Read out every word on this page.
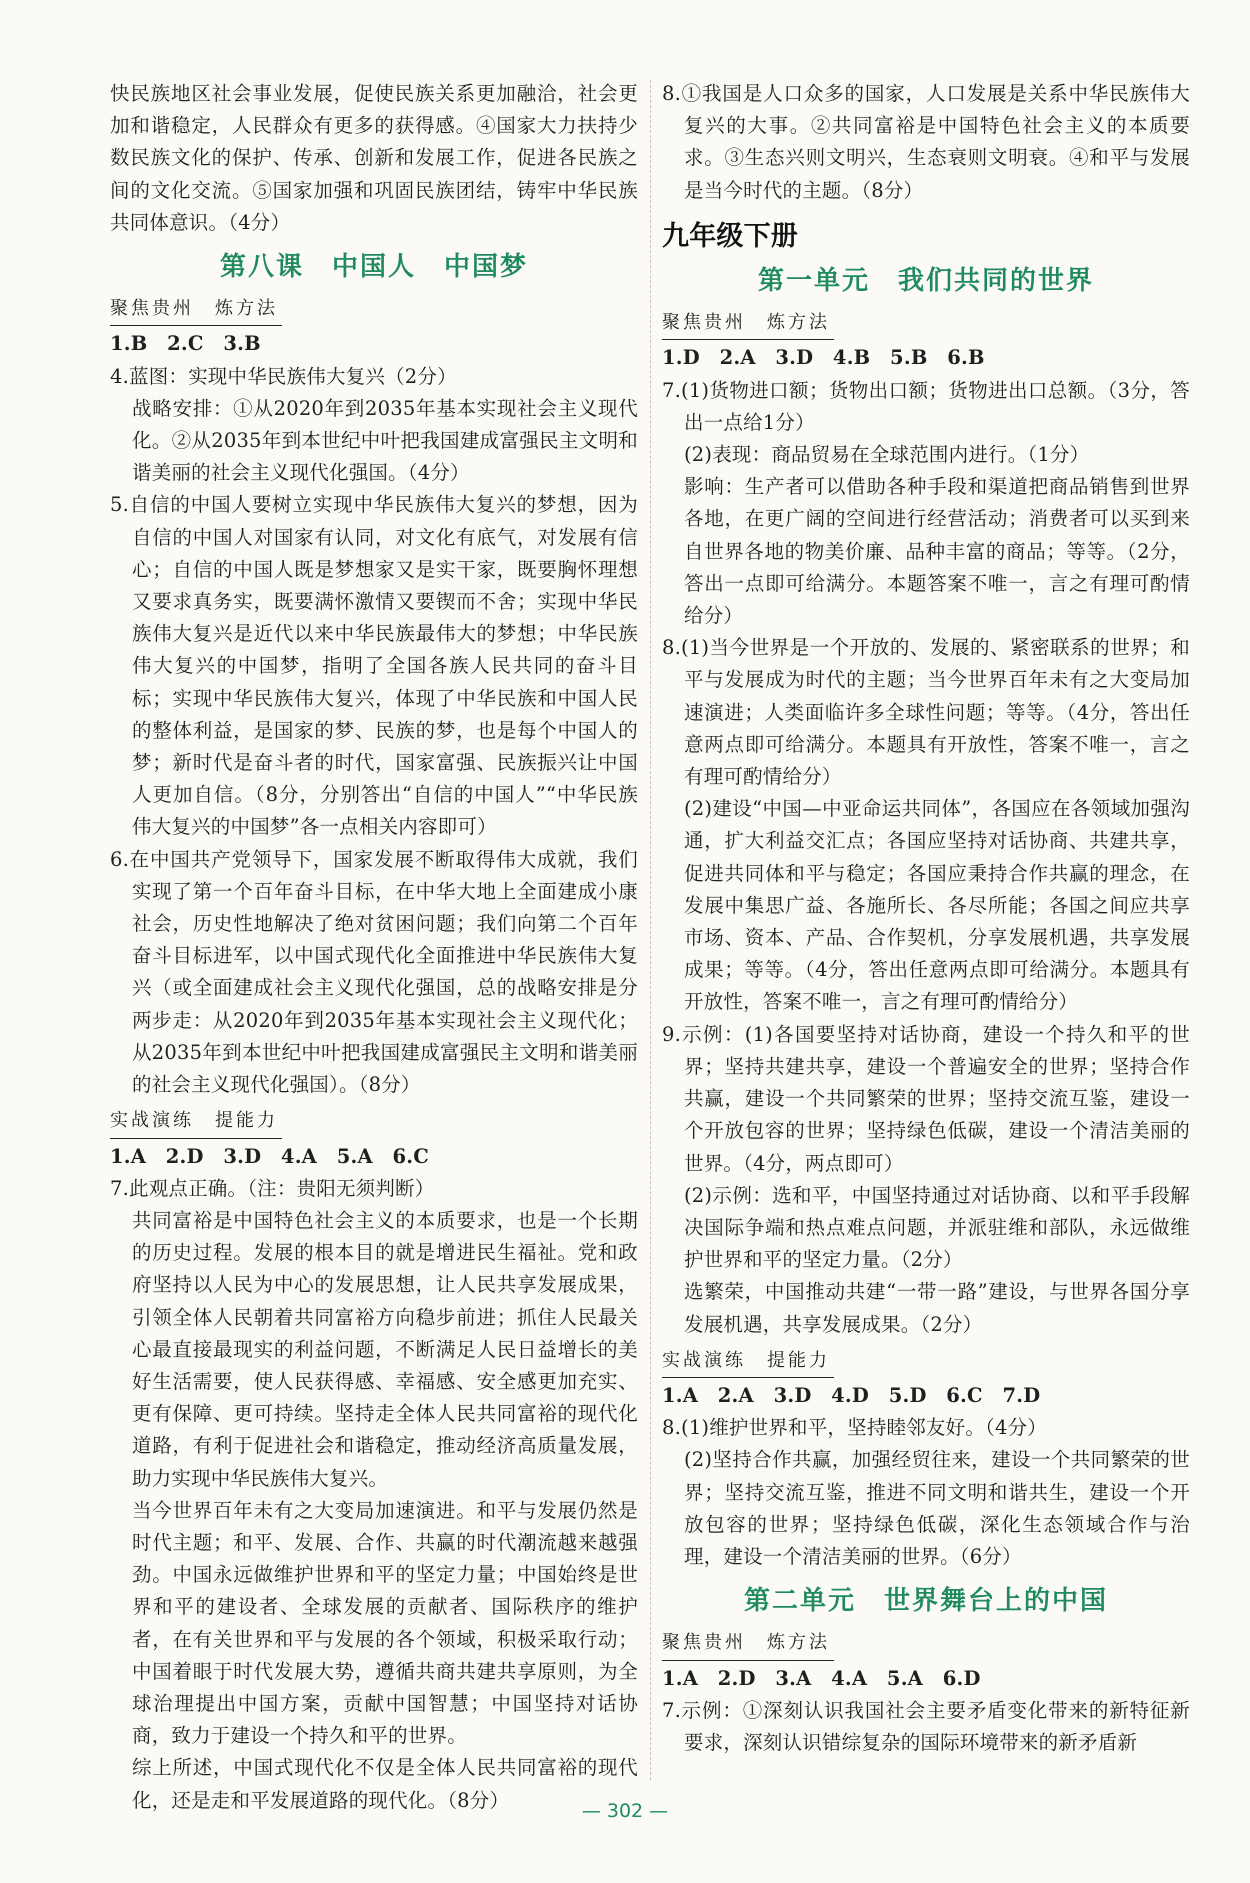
快民族地区社会事业发展，促使民族关系更加融洽，社会更加和谐稳定，人民群众有更多的获得感。④国家大力扶持少数民族文化的保护、传承、创新和发展工作，促进各民族之间的文化交流。⑤国家加强和巩固民族团结，铸牢中华民族共同体意识。（4分）

第八课　中国人　中国梦
聚焦贵州　炼方法

1.B　2.C　3.B

4.蓝图：实现中华民族伟大复兴（2分）

战略安排：①从2020年到2035年基本实现社会主义现代化。②从2035年到本世纪中叶把我国建成富强民主文明和谐美丽的社会主义现代化强国。（4分）

5.自信的中国人要树立实现中华民族伟大复兴的梦想，因为自信的中国人对国家有认同，对文化有底气，对发展有信心；自信的中国人既是梦想家又是实干家，既要胸怀理想又要求真务实，既要满怀激情又要锲而不舍；实现中华民族伟大复兴是近代以来中华民族最伟大的梦想；中华民族伟大复兴的中国梦，指明了全国各族人民共同的奋斗目标；实现中华民族伟大复兴，体现了中华民族和中国人民的整体利益，是国家的梦、民族的梦，也是每个中国人的梦；新时代是奋斗者的时代，国家富强、民族振兴让中国人更加自信。（8分，分别答出“自信的中国人”“中华民族伟大复兴的中国梦”各一点相关内容即可）

6.在中国共产党领导下，国家发展不断取得伟大成就，我们实现了第一个百年奋斗目标，在中华大地上全面建成小康社会，历史性地解决了绝对贫困问题；我们向第二个百年奋斗目标进军，以中国式现代化全面推进中华民族伟大复兴（或全面建成社会主义现代化强国，总的战略安排是分两步走：从2020年到2035年基本实现社会主义现代化；从2035年到本世纪中叶把我国建成富强民主文明和谐美丽的社会主义现代化强国）。（8分）

实战演练　提能力

1.A　2.D　3.D　4.A　5.A　6.C

7.此观点正确。（注：贵阳无须判断）

共同富裕是中国特色社会主义的本质要求，也是一个长期的历史过程。发展的根本目的就是增进民生福祉。党和政府坚持以人民为中心的发展思想，让人民共享发展成果，引领全体人民朝着共同富裕方向稳步前进；抓住人民最关心最直接最现实的利益问题，不断满足人民日益增长的美好生活需要，使人民获得感、幸福感、安全感更加充实、更有保障、更可持续。坚持走全体人民共同富裕的现代化道路，有利于促进社会和谐稳定，推动经济高质量发展，助力实现中华民族伟大复兴。

当今世界百年未有之大变局加速演进。和平与发展仍然是时代主题；和平、发展、合作、共赢的时代潮流越来越强劲。中国永远做维护世界和平的坚定力量；中国始终是世界和平的建设者、全球发展的贡献者、国际秩序的维护者，在有关世界和平与发展的各个领域，积极采取行动；中国着眼于时代发展大势，遵循共商共建共享原则，为全球治理提出中国方案，贡献中国智慧；中国坚持对话协商，致力于建设一个持久和平的世界。

综上所述，中国式现代化不仅是全体人民共同富裕的现代化，还是走和平发展道路的现代化。（8分）

8.①我国是人口众多的国家，人口发展是关系中华民族伟大复兴的大事。②共同富裕是中国特色社会主义的本质要求。③生态兴则文明兴，生态衰则文明衰。④和平与发展是当今时代的主题。（8分）

九年级下册
第一单元　我们共同的世界
聚焦贵州　炼方法

1.D　2.A　3.D　4.B　5.B　6.B

7.(1)货物进口额；货物出口额；货物进出口总额。（3分，答出一点给1分）

(2)表现：商品贸易在全球范围内进行。（1分）

影响：生产者可以借助各种手段和渠道把商品销售到世界各地，在更广阔的空间进行经营活动；消费者可以买到来自世界各地的物美价廉、品种丰富的商品；等等。（2分，答出一点即可给满分。本题答案不唯一，言之有理可酌情给分）

8.(1)当今世界是一个开放的、发展的、紧密联系的世界；和平与发展成为时代的主题；当今世界百年未有之大变局加速演进；人类面临许多全球性问题；等等。（4分，答出任意两点即可给满分。本题具有开放性，答案不唯一，言之有理可酌情给分）

(2)建设“中国—中亚命运共同体”，各国应在各领域加强沟通，扩大利益交汇点；各国应坚持对话协商、共建共享，促进共同体和平与稳定；各国应秉持合作共赢的理念，在发展中集思广益、各施所长、各尽所能；各国之间应共享市场、资本、产品、合作契机，分享发展机遇，共享发展成果；等等。（4分，答出任意两点即可给满分。本题具有开放性，答案不唯一，言之有理可酌情给分）

9.示例：(1)各国要坚持对话协商，建设一个持久和平的世界；坚持共建共享，建设一个普遍安全的世界；坚持合作共赢，建设一个共同繁荣的世界；坚持交流互鉴，建设一个开放包容的世界；坚持绿色低碳，建设一个清洁美丽的世界。（4分，两点即可）

(2)示例：选和平，中国坚持通过对话协商、以和平手段解决国际争端和热点难点问题，并派驻维和部队，永远做维护世界和平的坚定力量。（2分）

选繁荣，中国推动共建“一带一路”建设，与世界各国分享发展机遇，共享发展成果。（2分）

实战演练　提能力

1.A　2.A　3.D　4.D　5.D　6.C　7.D

8.(1)维护世界和平，坚持睦邻友好。（4分）

(2)坚持合作共赢，加强经贸往来，建设一个共同繁荣的世界；坚持交流互鉴，推进不同文明和谐共生，建设一个开放包容的世界；坚持绿色低碳，深化生态领域合作与治理，建设一个清洁美丽的世界。（6分）

第二单元　世界舞台上的中国
聚焦贵州　炼方法

1.A　2.D　3.A　4.A　5.A　6.D

7.示例：①深刻认识我国社会主要矛盾变化带来的新特征新要求，深刻认识错综复杂的国际环境带来的新矛盾新

— 302 —
